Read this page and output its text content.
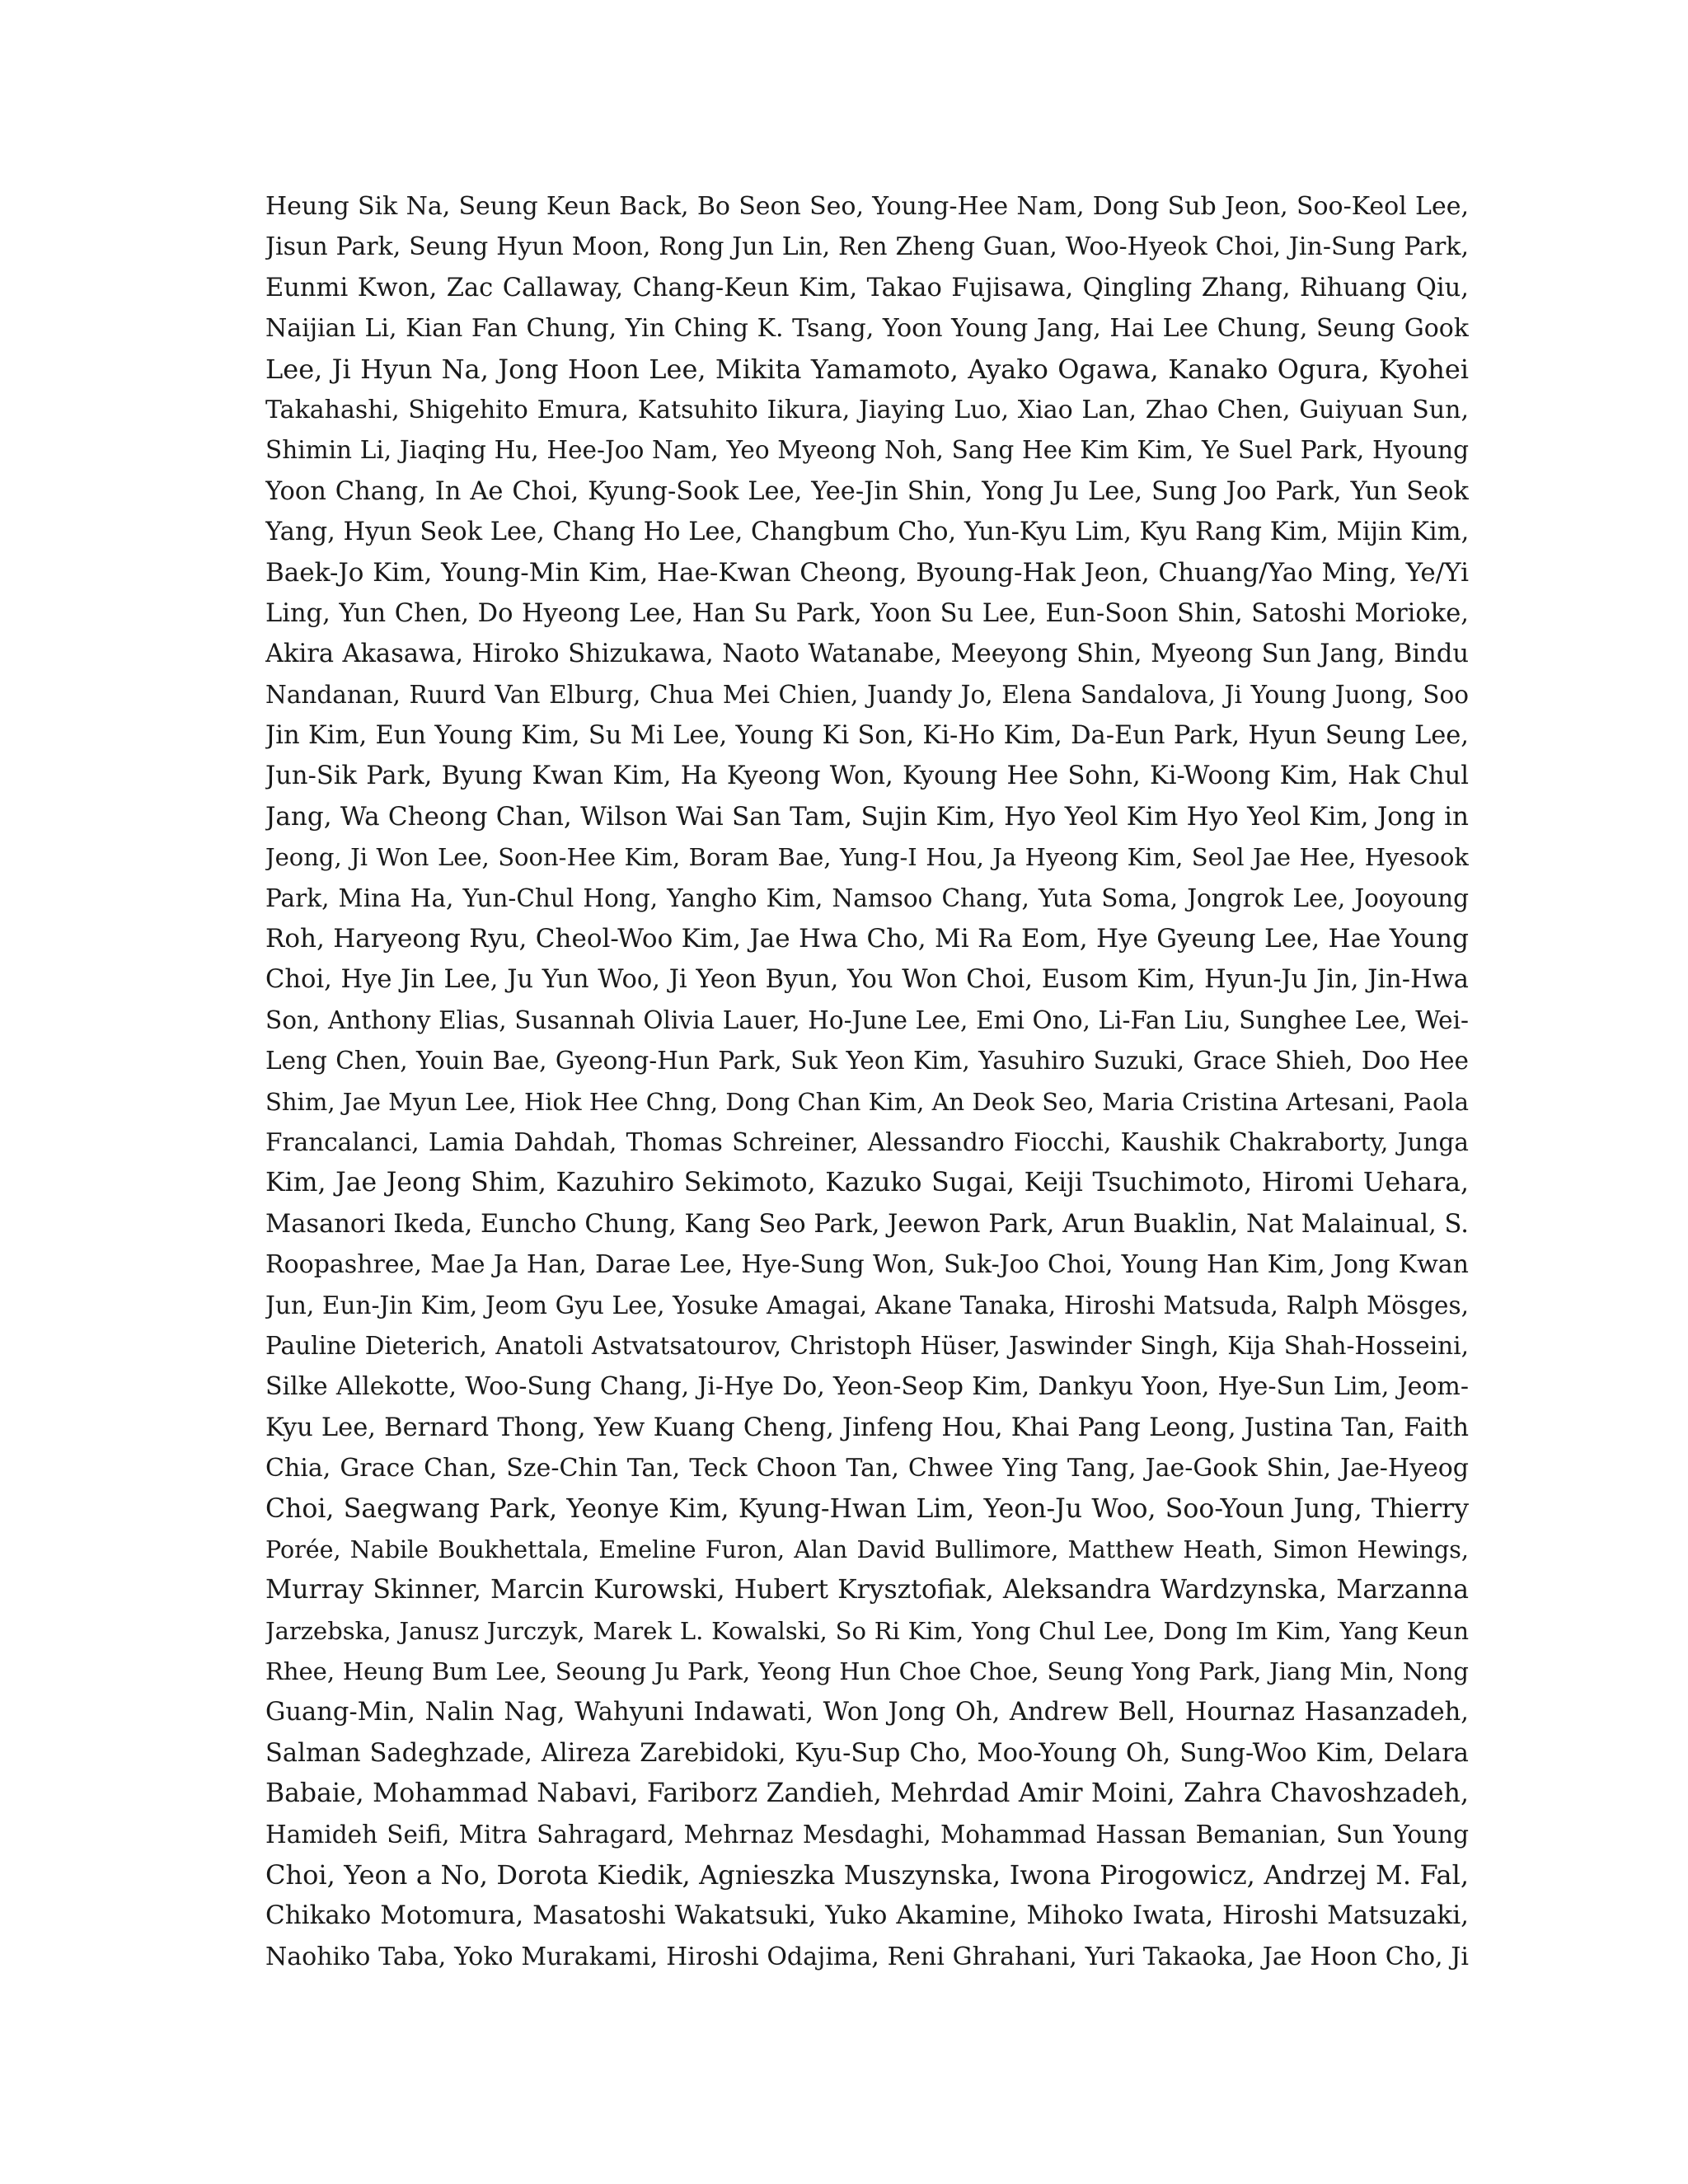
Heung Sik Na, Seung Keun Back, Bo Seon Seo, Young-Hee Nam, Dong Sub Jeon, Soo-Keol Lee,
Jisun Park, Seung Hyun Moon, Rong Jun Lin, Ren Zheng Guan, Woo-Hyeok Choi, Jin-Sung Park,
Eunmi Kwon, Zac Callaway, Chang-Keun Kim, Takao Fujisawa, Qingling Zhang, Rihuang Qiu,
Naijian Li, Kian Fan Chung, Yin Ching K. Tsang, Yoon Young Jang, Hai Lee Chung, Seung Gook
Lee, Ji Hyun Na, Jong Hoon Lee, Mikita Yamamoto, Ayako Ogawa, Kanako Ogura, Kyohei
Takahashi, Shigehito Emura, Katsuhito Iikura, Jiaying Luo, Xiao Lan, Zhao Chen, Guiyuan Sun,
Shimin Li, Jiaqing Hu, Hee-Joo Nam, Yeo Myeong Noh, Sang Hee Kim Kim, Ye Suel Park, Hyoung
Yoon Chang, In Ae Choi, Kyung-Sook Lee, Yee-Jin Shin, Yong Ju Lee, Sung Joo Park, Yun Seok
Yang, Hyun Seok Lee, Chang Ho Lee, Changbum Cho, Yun-Kyu Lim, Kyu Rang Kim, Mijin Kim,
Baek-Jo Kim, Young-Min Kim, Hae-Kwan Cheong, Byoung-Hak Jeon, Chuang/Yao Ming, Ye/Yi
Ling, Yun Chen, Do Hyeong Lee, Han Su Park, Yoon Su Lee, Eun-Soon Shin, Satoshi Morioke,
Akira Akasawa, Hiroko Shizukawa, Naoto Watanabe, Meeyong Shin, Myeong Sun Jang, Bindu
Nandanan, Ruurd Van Elburg, Chua Mei Chien, Juandy Jo, Elena Sandalova, Ji Young Juong, Soo
Jin Kim, Eun Young Kim, Su Mi Lee, Young Ki Son, Ki-Ho Kim, Da-Eun Park, Hyun Seung Lee,
Jun-Sik Park, Byung Kwan Kim, Ha Kyeong Won, Kyoung Hee Sohn, Ki-Woong Kim, Hak Chul
Jang, Wa Cheong Chan, Wilson Wai San Tam, Sujin Kim, Hyo Yeol Kim Hyo Yeol Kim, Jong in
Jeong, Ji Won Lee, Soon-Hee Kim, Boram Bae, Yung-I Hou, Ja Hyeong Kim, Seol Jae Hee, Hyesook
Park, Mina Ha, Yun-Chul Hong, Yangho Kim, Namsoo Chang, Yuta Soma, Jongrok Lee, Jooyoung
Roh, Haryeong Ryu, Cheol-Woo Kim, Jae Hwa Cho, Mi Ra Eom, Hye Gyeung Lee, Hae Young
Choi, Hye Jin Lee, Ju Yun Woo, Ji Yeon Byun, You Won Choi, Eusom Kim, Hyun-Ju Jin, Jin-Hwa
Son, Anthony Elias, Susannah Olivia Lauer, Ho-June Lee, Emi Ono, Li-Fan Liu, Sunghee Lee, Wei-
Leng Chen, Youin Bae, Gyeong-Hun Park, Suk Yeon Kim, Yasuhiro Suzuki, Grace Shieh, Doo Hee
Shim, Jae Myun Lee, Hiok Hee Chng, Dong Chan Kim, An Deok Seo, Maria Cristina Artesani, Paola
Francalanci, Lamia Dahdah, Thomas Schreiner, Alessandro Fiocchi, Kaushik Chakraborty, Junga
Kim, Jae Jeong Shim, Kazuhiro Sekimoto, Kazuko Sugai, Keiji Tsuchimoto, Hiromi Uehara,
Masanori Ikeda, Euncho Chung, Kang Seo Park, Jeewon Park, Arun Buaklin, Nat Malainual, S.
Roopashree, Mae Ja Han, Darae Lee, Hye-Sung Won, Suk-Joo Choi, Young Han Kim, Jong Kwan
Jun, Eun-Jin Kim, Jeom Gyu Lee, Yosuke Amagai, Akane Tanaka, Hiroshi Matsuda, Ralph Mösges,
Pauline Dieterich, Anatoli Astvatsatourov, Christoph Hüser, Jaswinder Singh, Kija Shah-Hosseini,
Silke Allekotte, Woo-Sung Chang, Ji-Hye Do, Yeon-Seop Kim, Dankyu Yoon, Hye-Sun Lim, Jeom-
Kyu Lee, Bernard Thong, Yew Kuang Cheng, Jinfeng Hou, Khai Pang Leong, Justina Tan, Faith
Chia, Grace Chan, Sze-Chin Tan, Teck Choon Tan, Chwee Ying Tang, Jae-Gook Shin, Jae-Hyeog
Choi, Saegwang Park, Yeonye Kim, Kyung-Hwan Lim, Yeon-Ju Woo, Soo-Youn Jung, Thierry
Porée, Nabile Boukhettala, Emeline Furon, Alan David Bullimore, Matthew Heath, Simon Hewings,
Murray Skinner, Marcin Kurowski, Hubert Krysztofiak, Aleksandra Wardzynska, Marzanna
Jarzebska, Janusz Jurczyk, Marek L. Kowalski, So Ri Kim, Yong Chul Lee, Dong Im Kim, Yang Keun
Rhee, Heung Bum Lee, Seoung Ju Park, Yeong Hun Choe Choe, Seung Yong Park, Jiang Min, Nong
Guang-Min, Nalin Nag, Wahyuni Indawati, Won Jong Oh, Andrew Bell, Hournaz Hasanzadeh,
Salman Sadeghzade, Alireza Zarebidoki, Kyu-Sup Cho, Moo-Young Oh, Sung-Woo Kim, Delara
Babaie, Mohammad Nabavi, Fariborz Zandieh, Mehrdad Amir Moini, Zahra Chavoshzadeh,
Hamideh Seifi, Mitra Sahragard, Mehrnaz Mesdaghi, Mohammad Hassan Bemanian, Sun Young
Choi, Yeon a No, Dorota Kiedik, Agnieszka Muszynska, Iwona Pirogowicz, Andrzej M. Fal,
Chikako Motomura, Masatoshi Wakatsuki, Yuko Akamine, Mihoko Iwata, Hiroshi Matsuzaki,
Naohiko Taba, Yoko Murakami, Hiroshi Odajima, Reni Ghrahani, Yuri Takaoka, Jae Hoon Cho, Ji
